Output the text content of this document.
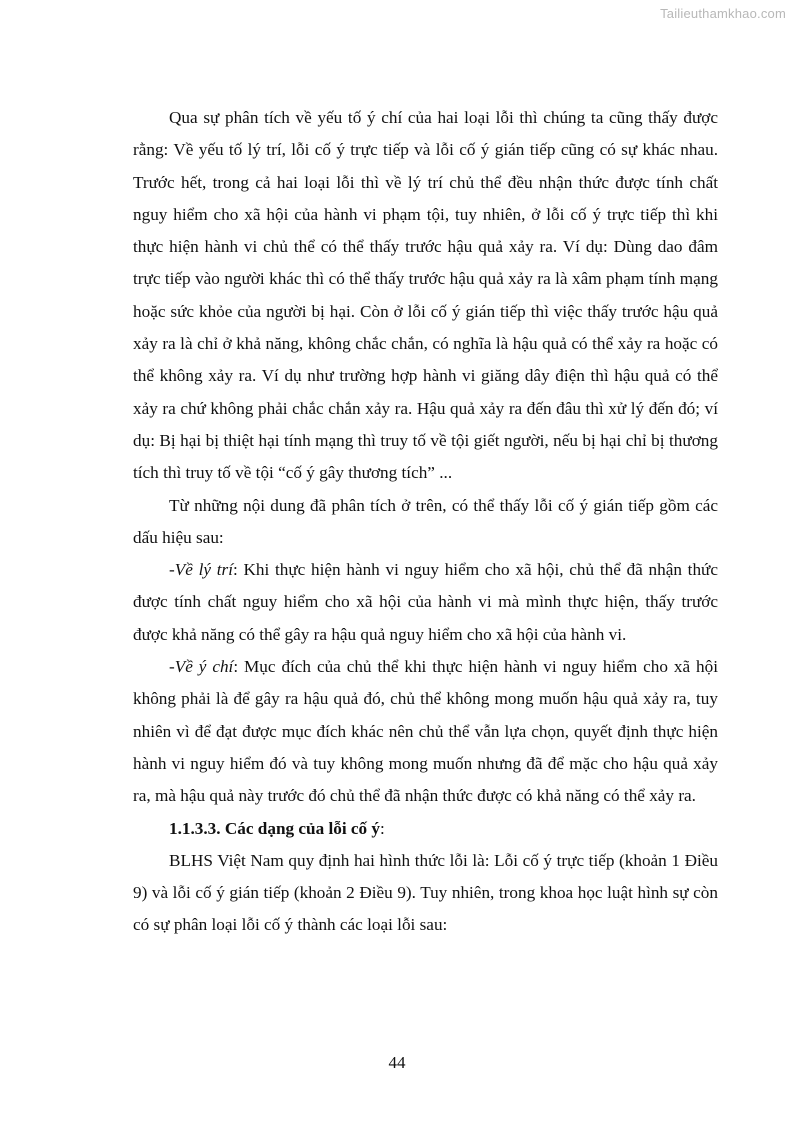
Tailieuthamkhao.com

Qua sự phân tích về yếu tố ý chí của hai loại lỗi thì chúng ta cũng thấy được rằng: Về yếu tố lý trí, lỗi cố ý trực tiếp và lỗi cố ý gián tiếp cũng có sự khác nhau. Trước hết, trong cả hai loại lỗi thì về lý trí chủ thể đều nhận thức được tính chất nguy hiểm cho xã hội của hành vi phạm tội, tuy nhiên, ở lỗi cố ý trực tiếp thì khi thực hiện hành vi chủ thể có thể thấy trước hậu quả xảy ra. Ví dụ: Dùng dao đâm trực tiếp vào người khác thì có thể thấy trước hậu quả xảy ra là xâm phạm tính mạng hoặc sức khỏe của người bị hại. Còn ở lỗi cố ý gián tiếp thì việc thấy trước hậu quả xảy ra là chỉ ở khả năng, không chắc chắn, có nghĩa là hậu quả có thể xảy ra hoặc có thể không xảy ra. Ví dụ như trường hợp hành vi giăng dây điện thì hậu quả có thể xảy ra chứ không phải chắc chắn xảy ra. Hậu quả xảy ra đến đâu thì xử lý đến đó; ví dụ: Bị hại bị thiệt hại tính mạng thì truy tố về tội giết người, nếu bị hại chỉ bị thương tích thì truy tố về tội “cố ý gây thương tích” ...

Từ những nội dung đã phân tích ở trên, có thể thấy lỗi cố ý gián tiếp gồm các dấu hiệu sau:

-Về lý trí: Khi thực hiện hành vi nguy hiểm cho xã hội, chủ thể đã nhận thức được tính chất nguy hiểm cho xã hội của hành vi mà mình thực hiện, thấy trước được khả năng có thể gây ra hậu quả nguy hiểm cho xã hội của hành vi.

-Về ý chí: Mục đích của chủ thể khi thực hiện hành vi nguy hiểm cho xã hội không phải là để gây ra hậu quả đó, chủ thể không mong muốn hậu quả xảy ra, tuy nhiên vì để đạt được mục đích khác nên chủ thể vẫn lựa chọn, quyết định thực hiện hành vi nguy hiểm đó và tuy không mong muốn nhưng đã để mặc cho hậu quả xảy ra, mà hậu quả này trước đó chủ thể đã nhận thức được có khả năng có thể xảy ra.

1.1.3.3. Các dạng của lỗi cố ý:

BLHS Việt Nam quy định hai hình thức lỗi là: Lỗi cố ý trực tiếp (khoản 1 Điều 9) và lỗi cố ý gián tiếp (khoản 2 Điều 9). Tuy nhiên, trong khoa học luật hình sự còn có sự phân loại lỗi cố ý thành các loại lỗi sau:

44
